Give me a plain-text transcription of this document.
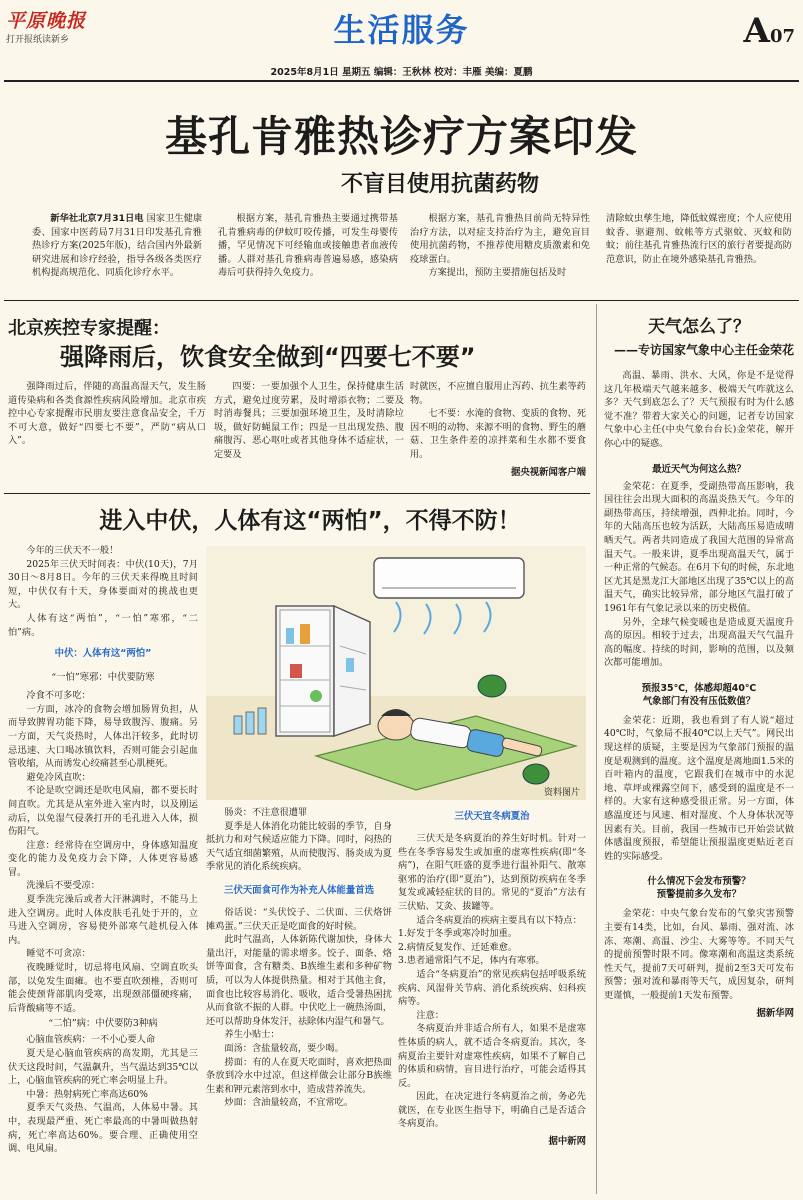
平原晚报
打开报纸读新乡	生活服务	A07
2025年8月1日 星期五 编辑：王秋林 校对：丰雁 美编：夏鹏
基孔肯雅热诊疗方案印发
不盲目使用抗菌药物

新华社北京7月31日电 国家卫生健康委、国家中医药局7月31日印发基孔肯雅热诊疗方案(2025年版)，结合国内外最新研究进展和诊疗经验，指导各级各类医疗机构提高规范化、同质化诊疗水平。

根据方案，基孔肯雅热主要通过携带基孔肯雅病毒的伊蚊叮咬传播，可发生母婴传播，罕见情况下可经输血或接触患者血液传播。人群对基孔肯雅病毒普遍易感，感染病毒后可获得持久免疫力。

根据方案，基孔肯雅热目前尚无特异性治疗方法，以对症支持治疗为主，避免盲目使用抗菌药物，不推荐使用糖皮质激素和免疫球蛋白。

方案提出，预防主要措施包括及时

清除蚊虫孳生地，降低蚊媒密度；个人应使用蚊香、驱避剂、蚊帐等方式驱蚊、灭蚊和防蚊；前往基孔肯雅热流行区的旅行者要提高防范意识，防止在境外感染基孔肯雅热。

北京疾控专家提醒：
强降雨后，饮食安全做到“四要七不要”

强降雨过后，伴随的高温高湿天气，发生肠道传染病和各类食源性疾病风险增加。北京市疾控中心专家提醒市民朋友要注意食品安全，千万不可大意，做好“四要七不要”，严防“病从口入”。

四要：一要加强个人卫生，保持健康生活方式，避免过度劳累，及时增添衣物；二要及时消毒餐具；三要加强环境卫生，及时清除垃圾，做好防蝇鼠工作；四是一旦出现发热、腹痛腹泻、恶心呕吐或者其他身体不适症状，一定要及

时就医，不应擅自服用止泻药、抗生素等药物。

七不要：水淹的食物、变质的食物、死因不明的动物、来源不明的食物、野生的蘑菇、卫生条件差的凉拌菜和生水都不要食用。

据央视新闻客户端
进入中伏，人体有这“两怕”，不得不防！

今年的三伏天不一般！

2025年三伏天时间表：中伏(10天)，7月30日～8月8日。今年的三伏天来得晚且时间短，中伏仅有十天，身体要面对的挑战也更大。

人体有这“两怕”，“一怕”寒邪，“二怕”病。

中伏：人体有这“两怕”
“一怕”寒邪：中伏要防寒

冷食不可多吃：

一方面，冰冷的食物会增加肠胃负担，从而导致脾胃功能下降，易导致腹泻、腹痛。另一方面，天气炎热时，人体出汗较多，此时切忌迅速、大口喝冰镇饮料，否则可能会引起血管收缩，从而诱发心绞痛甚至心肌梗死。

避免冷风直吹：

不论是吹空调还是吹电风扇，都不要长时间直吹。尤其是从室外进入室内时，以及刚运动后，以免湿气侵袭打开的毛孔进入人体，损伤阳气。

注意：经常待在空调房中，身体感知温度变化的能力及免疫力会下降，人体更容易感冒。

洗澡后不要受凉：

夏季洗完澡后或者大汗淋漓时，不能马上进入空调房。此时人体皮肤毛孔处于开的，立马进入空调房，容易使外部寒气趁机侵入体内。

睡觉不可贪凉：

夜晚睡觉时，切忌将电风扇、空调直吹头部，以免发生面瘫。也不要直吹颈椎，否则可能会使颈背部肌肉受寒，出现颈部僵硬疼痛，后背酸痛等不适。

“二怕”病：中伏要防3种病

心脑血管疾病：一不小心要人命

夏天是心脑血管疾病的高发期，尤其是三伏天这段时间，气温飙升，当气温达到35℃以上，心脑血管疾病的死亡率会明显上升。

中暑：热射病死亡率高达60%

夏季天气炎热、气温高，人体易中暑。其中，表现最严重、死亡率最高的中暑叫做热射病，死亡率高达60%。要合理、正确使用空调、电风扇。

资料图片

肠炎：不注意很遭罪

夏季是人体消化功能比较弱的季节，自身抵抗力和对气候适应能力下降。同时，闷热的天气适宜细菌繁殖，从而使腹泻、肠炎成为夏季常见的消化系统疾病。

三伏天面食可作为补充人体能量首选

俗话说：“头伏饺子、二伏面、三伏烙饼摊鸡蛋。”三伏天正是吃面食的好时候。

此时气温高，人体新陈代谢加快，身体大量出汗，对能量的需求增多。饺子、面条、烙饼等面食，含有糖类、B族维生素和多种矿物质，可以为人体提供热量。相对于其他主食，面食也比较容易消化、吸收，适合受暑热困扰从而食欲不振的人群。中伏吃上一碗热汤面，还可以帮助身体发汗，祛除体内湿气和暑气。

养生小贴士：

面汤：含盐量较高，要少喝。

捞面：有的人在夏天吃面时，喜欢把热面条放到冷水中过凉，但这样做会让部分B族维生素和钾元素溶到水中，造成营养流失。

炒面：含油量较高，不宜常吃。

三伏天宜冬病夏治

三伏天是冬病夏治的养生好时机。针对一些在冬季容易发生或加重的虚寒性疾病(即“冬病”)，在阳气旺盛的夏季进行温补阳气、散寒驱邪的治疗(即“夏治”)，达到预防疾病在冬季复发或减轻症状的目的。常见的“夏治”方法有三伏贴、艾灸、拔罐等。

适合冬病夏治的疾病主要具有以下特点：

1.好发于冬季或寒冷时加重。

2.病情反复发作、迁延难愈。

3.患者通常阳气不足，体内有寒邪。

适合“冬病夏治”的常见疾病包括呼吸系统疾病、风湿骨关节病、消化系统疾病、妇科疾病等。

注意：

冬病夏治并非适合所有人，如果不是虚寒性体质的病人，就不适合冬病夏治。其次，冬病夏治主要针对虚寒性疾病，如果不了解自己的体质和病情，盲目进行治疗，可能会适得其反。

因此，在决定进行冬病夏治之前，务必先就医，在专业医生指导下，明确自己是否适合冬病夏治。

据中新网
天气怎么了？
——专访国家气象中心主任金荣花

高温、暴雨、洪水、大风，你是不是觉得这几年极端天气越来越多、极端天气咋就这么多？天气到底怎么了？天气预报有时为什么感觉不准？带着大家关心的问题，记者专访国家气象中心主任(中央气象台台长)金荣花，解开你心中的疑惑。

最近天气为何这么热？

金荣花：在夏季，受副热带高压影响，我国往往会出现大面积的高温炎热天气。今年的副热带高压，持续增强，西伸北抬。同时，今年的大陆高压也较为活跃，大陆高压易造成晴晒天气。两者共同造成了我国大范围的异常高温天气。一般来讲，夏季出现高温天气，属于一种正常的气候态。在6月下旬的时候，东北地区尤其是黑龙江大部地区出现了35℃以上的高温天气，确实比较异常，部分地区气温打破了1961年有气象记录以来的历史极值。

另外，全球气候变暖也是造成夏天温度升高的原因。相较于过去，出现高温天气气温升高的幅度、持续的时间，影响的范围，以及频次都可能增加。

预报35℃，体感却超40℃
气象部门有没有压低数值？

金荣花：近期，我也看到了有人说“超过40℃时，气象局不报40℃以上天气”。网民出现这样的质疑，主要是因为气象部门预报的温度是观测到的温度。这个温度是离地面1.5米的百叶箱内的温度，它跟我们在城市中的水泥地、草坪或裸露空间下，感受到的温度是不一样的。大家有这种感受很正常。另一方面，体感温度还与风速、相对湿度、个人身体状况等因素有关。目前，我国一些城市已开始尝试做体感温度预报，希望能让预报温度更贴近老百姓的实际感受。

什么情况下会发布预警？
预警提前多久发布？

金荣花：中央气象台发布的气象灾害预警主要有14类，比如，台风、暴雨、强对流、冰冻、寒潮、高温、沙尘、大雾等等。不同天气的提前预警时限不同。像寒潮和高温这类系统性天气，提前7天可研判，提前2至3天可发布预警；强对流和暴雨等天气，成因复杂，研判更谨慎，一般提前1天发布预警。

据新华网
